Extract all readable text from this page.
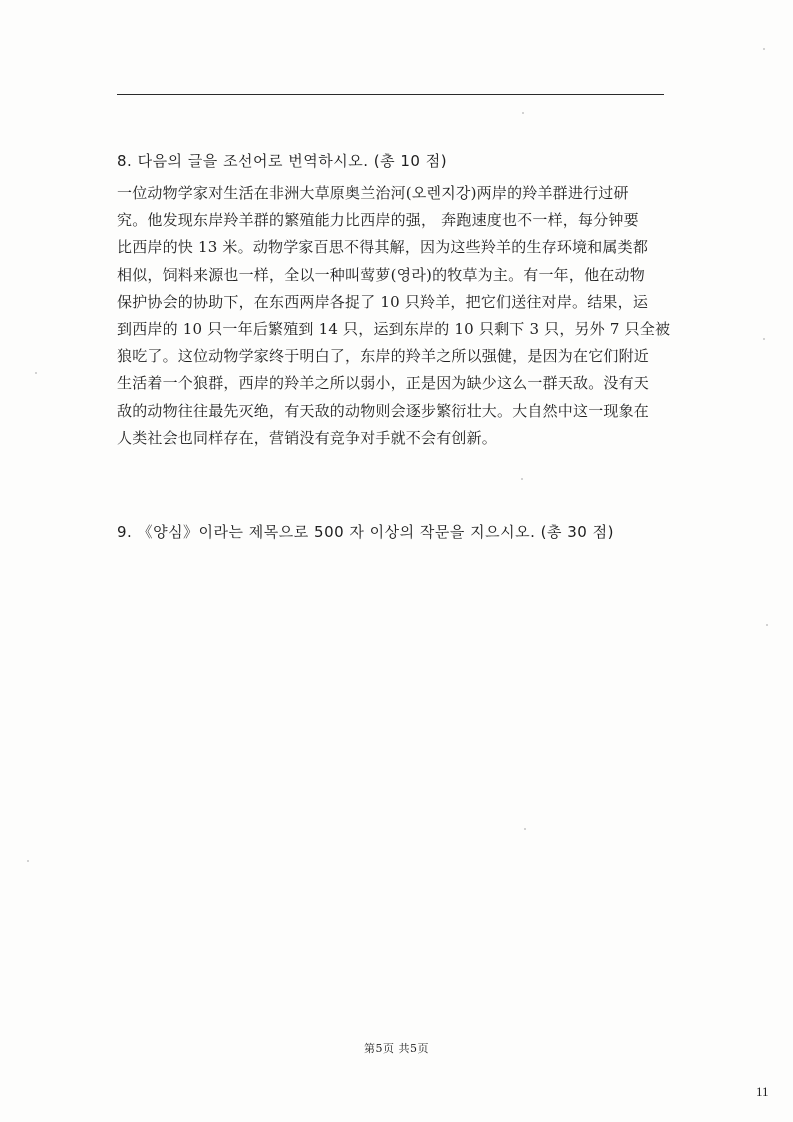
8. 다음의 글을 조선어로 번역하시오. (총 10 점)
一位动物学家对生活在非洲大草原奥兰治河(오렌지강)两岸的羚羊群进行过研
究。他发现东岸羚羊群的繁殖能力比西岸的强， 奔跑速度也不一样，每分钟要
比西岸的快 13 米。动物学家百思不得其解，因为这些羚羊的生存环境和属类都
相似，饲料来源也一样，全以一种叫莺萝(영라)的牧草为主。有一年，他在动物
保护协会的协助下，在东西两岸各捉了 10 只羚羊，把它们送往对岸。结果，运
到西岸的 10 只一年后繁殖到 14 只，运到东岸的 10 只剩下 3 只，另外 7 只全被
狼吃了。这位动物学家终于明白了，东岸的羚羊之所以强健，是因为在它们附近
生活着一个狼群，西岸的羚羊之所以弱小，正是因为缺少这么一群天敌。没有天
敌的动物往往最先灭绝，有天敌的动物则会逐步繁衍壮大。大自然中这一现象在
人类社会也同样存在，营销没有竞争对手就不会有创新。
9. 《양심》이라는 제목으로 500 자 이상의 작문을 지으시오. (총 30 점)
第5页 共5页
11
